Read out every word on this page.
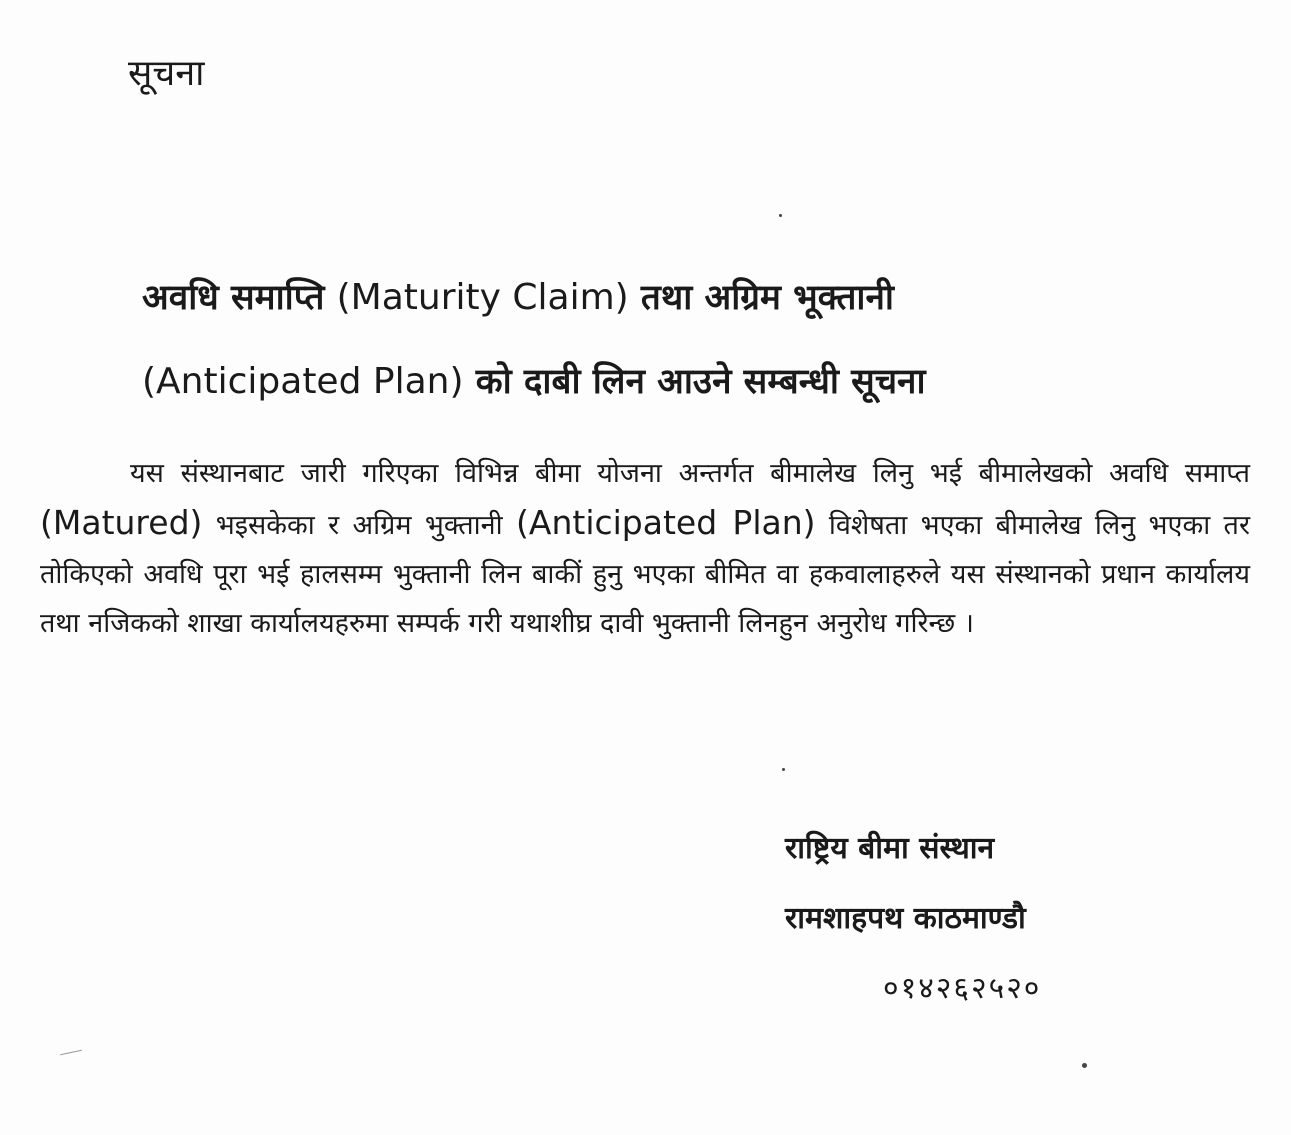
सूचना
अवधि समाप्ति (Maturity Claim) तथा अग्रिम भूक्तानी
(Anticipated Plan) को दाबी लिन आउने सम्बन्धी सूचना

यस संस्थानबाट जारी गरिएका विभिन्न बीमा योजना अन्तर्गत बीमालेख लिनु भई बीमालेखको अवधि समाप्त (Matured) भइसकेका र अग्रिम भुक्तानी (Anticipated Plan) विशेषता भएका बीमालेख लिनु भएका तर तोकिएको अवधि पूरा भई हालसम्म भुक्तानी लिन बाकीं हुनु भएका बीमित वा हकवालाहरुले यस संस्थानको प्रधान कार्यालय तथा नजिकको शाखा कार्यालयहरुमा सम्पर्क गरी यथाशीघ्र दावी भुक्तानी लिनहुन अनुरोध गरिन्छ ।

राष्ट्रिय बीमा संस्थान
रामशाहपथ काठमाण्डौ
०१४२६२५२०
